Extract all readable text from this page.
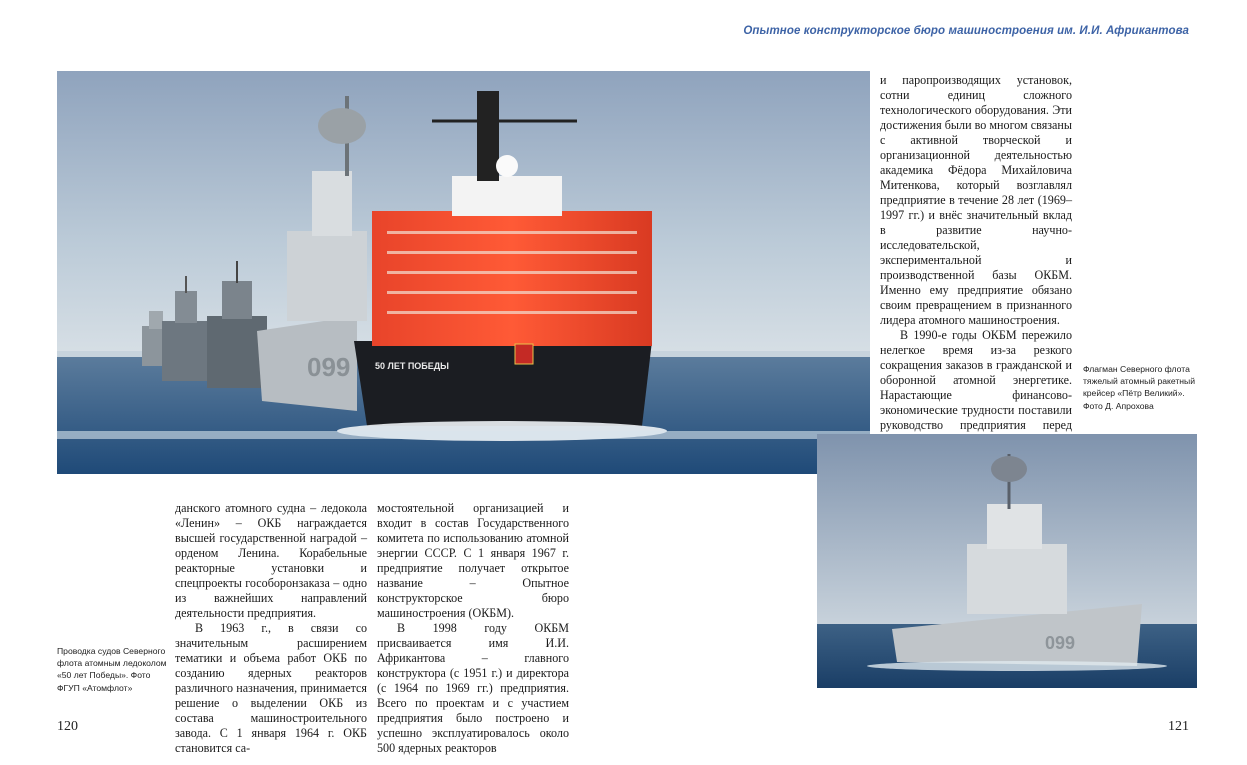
Опытное конструкторское бюро машиностроения им. И.И. Африкантова
099	50 ЛЕТ ПОБЕДЫ

и паропроизводящих установок, сотни единиц сложного технологического оборудования. Эти достижения были во многом связаны с активной творческой и организационной деятельностью академика Фёдора Михайловича Митенкова, который возглавлял предприятие в течение 28 лет (1969–1997 гг.) и внёс значительный вклад в развитие научно-исследовательской, экспериментальной и производственной базы ОКБМ. Именно ему предприятие обязано своим превращением в признанного лидера атомного машиностроения.

В 1990-е годы ОКБМ пережило нелегкое время из-за резкого сокращения заказов в гражданской и оборонной атомной энергетике. Нарастающие финансово-экономические трудности поставили руководство предприятия перед

Флагман Северного флота тяжелый атомный ракетный крейсер «Пётр Великий». Фото Д. Апрохова
099
Проводка судов Северного флота атомным ледоколом «50 лет Победы». Фото ФГУП «Атомфлот»

данского атомного судна – ледокола «Ленин» – ОКБ награждается высшей государственной наградой – орденом Ленина. Корабельные реакторные установки и спецпроекты гособоронзаказа – одно из важнейших направлений деятельности предприятия.

В 1963 г., в связи со значительным расширением тематики и объема работ ОКБ по созданию ядерных реакторов различного назначения, принимается решение о выделении ОКБ из состава машиностроительного завода. С 1 января 1964 г. ОКБ становится са-

мостоятельной организацией и входит в состав Государственного комитета по использованию атомной энергии СССР. С 1 января 1967 г. предприятие получает открытое название – Опытное конструкторское бюро машиностроения (ОКБМ).

В 1998 году ОКБМ присваивается имя И.И. Африкантова – главного конструктора (с 1951 г.) и директора (с 1964 по 1969 гг.) предприятия. Всего по проектам и с участием предприятия было построено и успешно эксплуатировалось около 500 ядерных реакторов

120	121
